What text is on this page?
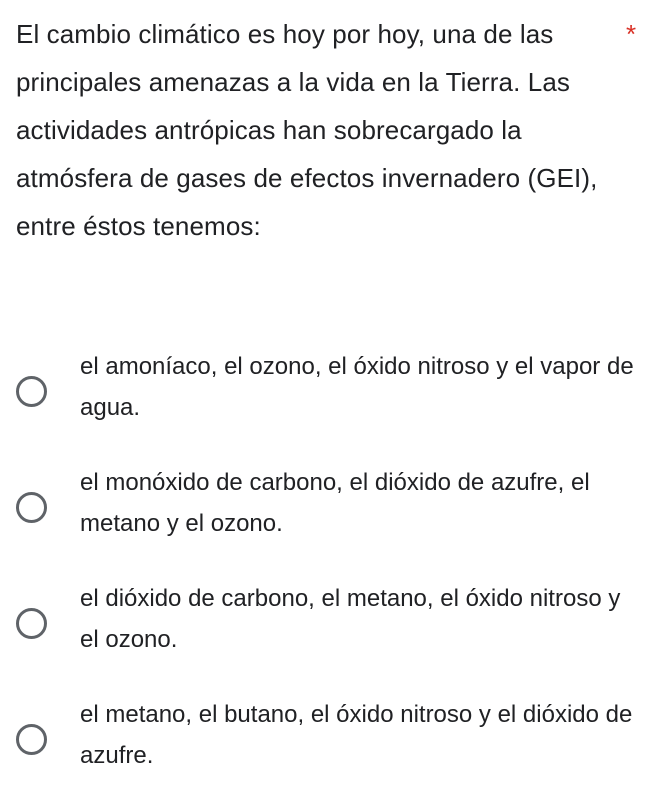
El cambio climático es hoy por hoy, una de las principales amenazas a la vida en la Tierra. Las actividades antrópicas han sobrecargado la atmósfera de gases de efectos invernadero (GEI), entre éstos tenemos:

*
el amoníaco, el ozono, el óxido nitroso y el vapor de agua.
el monóxido de carbono, el dióxido de azufre, el metano y el ozono.
el dióxido de carbono, el metano, el óxido nitroso y el ozono.
el metano, el butano, el óxido nitroso y el dióxido de azufre.
